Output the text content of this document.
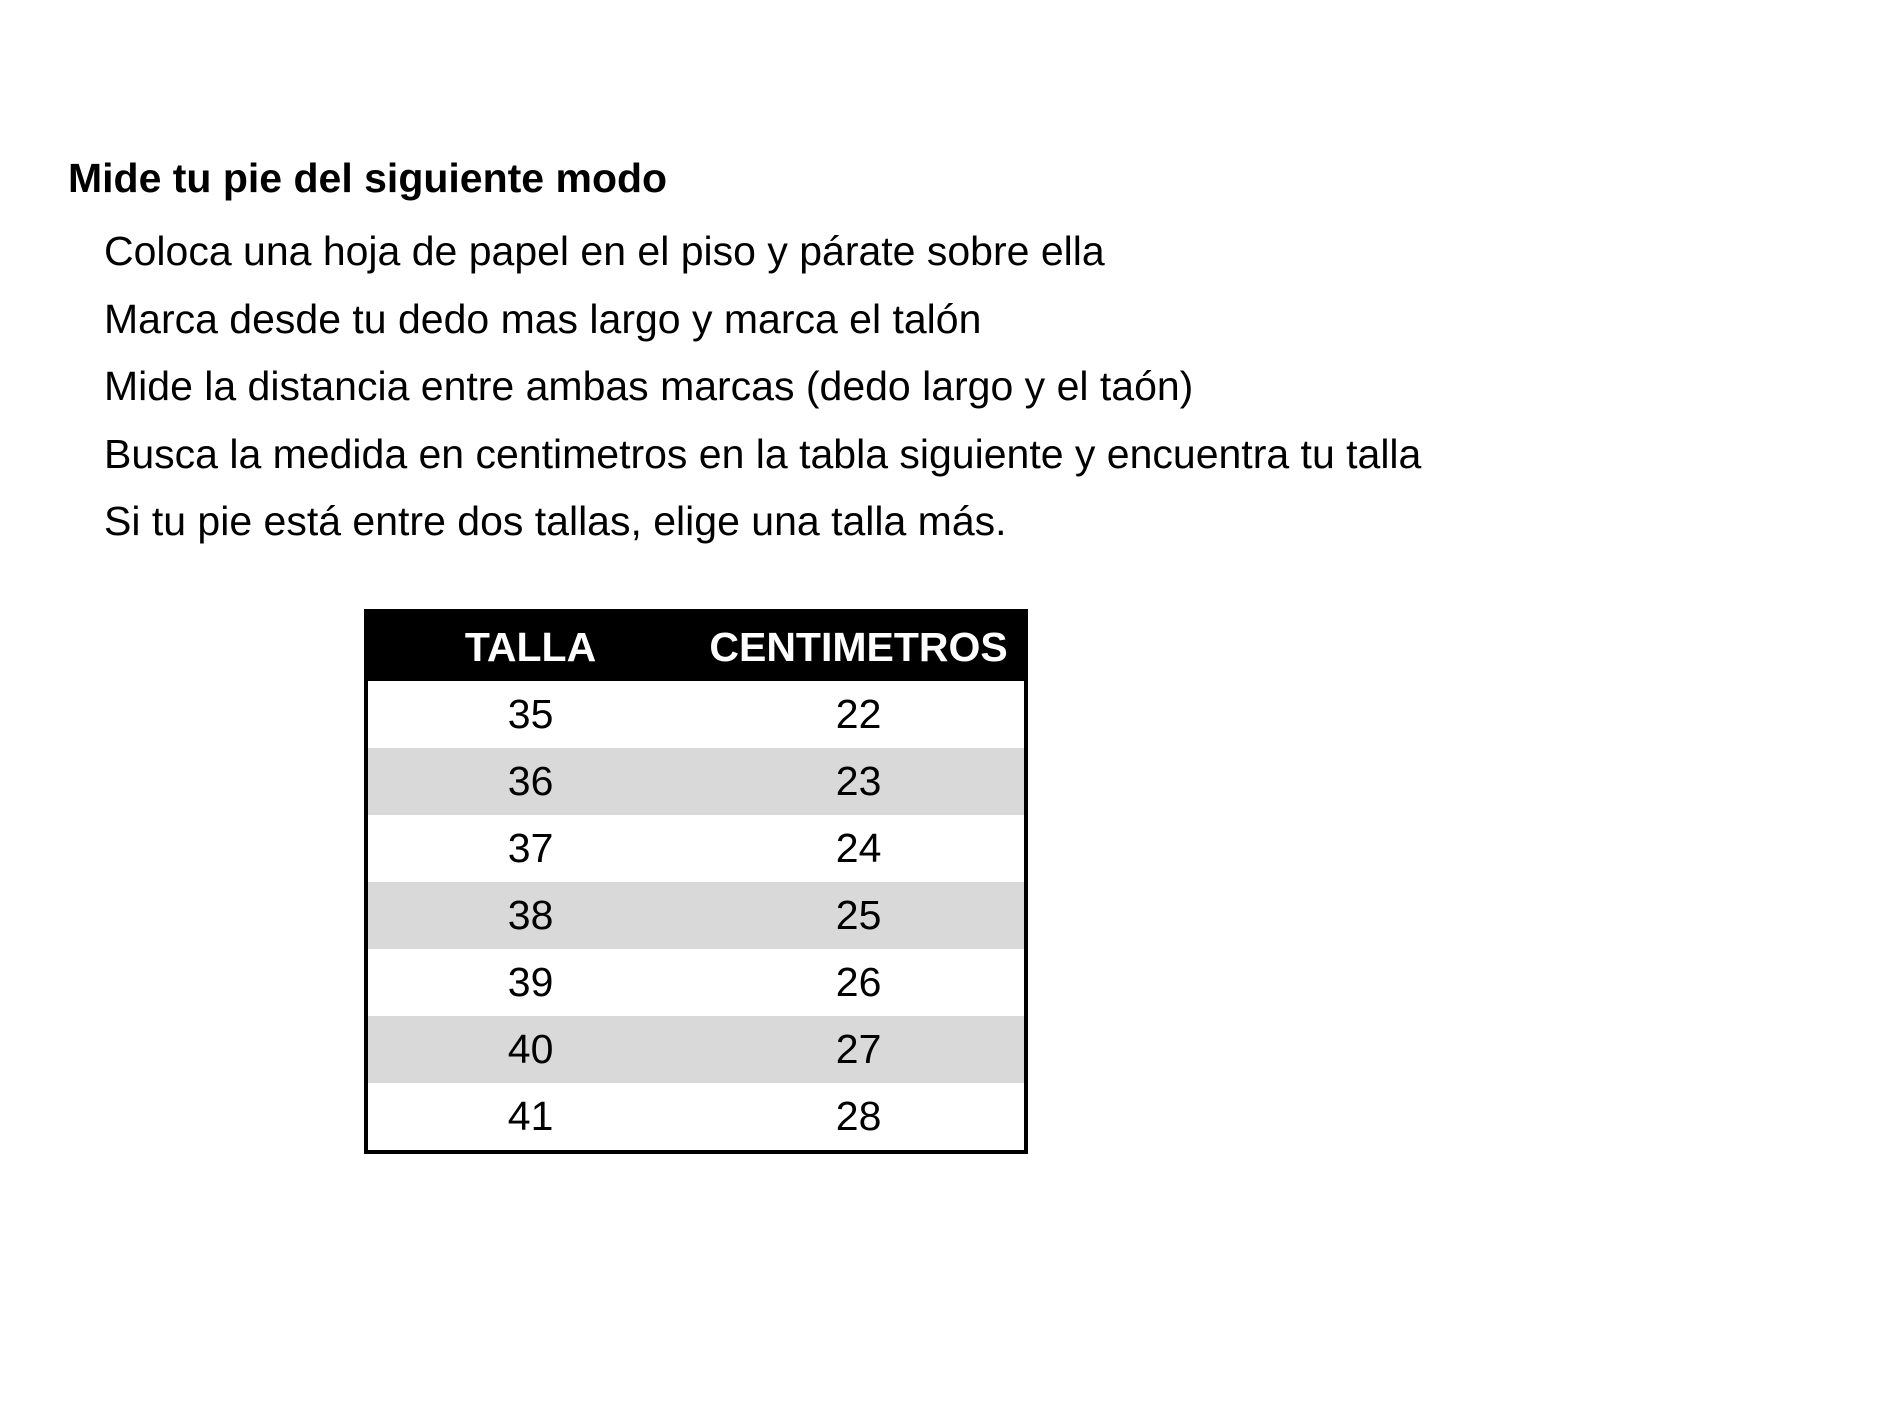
Mide tu pie del siguiente modo
Coloca una hoja de papel en el piso y párate sobre ella
Marca desde tu dedo mas largo y marca el talón
Mide la distancia entre ambas marcas (dedo largo y el taón)
Busca la medida en centimetros en la tabla siguiente y encuentra tu talla
Si tu pie está entre dos tallas, elige una talla más.
TALLA	CENTIMETROS
35	22
36	23
37	24
38	25
39	26
40	27
41	28
